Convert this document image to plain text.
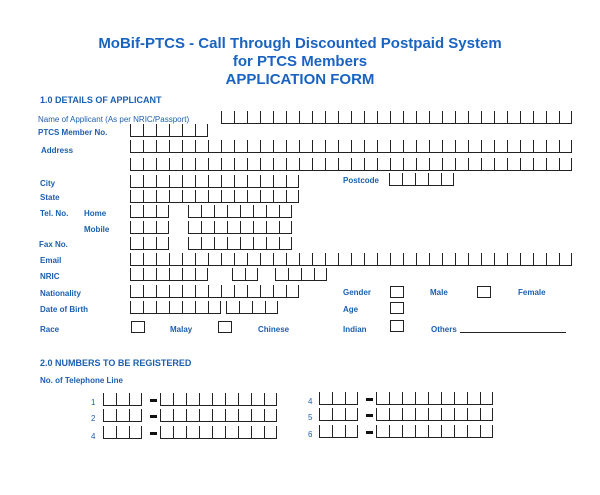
MoBif-PTCS - Call Through Discounted Postpaid System
for PTCS Members
APPLICATION FORM
1.0 DETAILS OF APPLICANT
Name of Applicant (As per NRIC/Passport)
PTCS Member No.
Address
City	Postcode
State
Tel. No. Home
Mobile
Fax No.
Email
NRIC
Nationality	Gender	Male	Female
Date of Birth	Age
Race	Malay	Chinese	Indian	Others
2.0 NUMBERS TO BE REGISTERED
No. of Telephone Line
1
2
4
4
5
6
